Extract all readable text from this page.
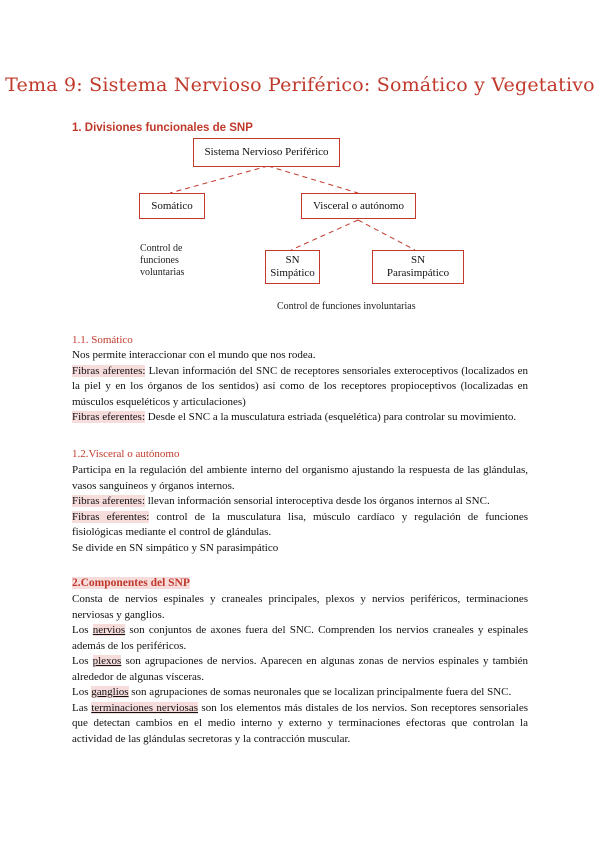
Tema 9: Sistema Nervioso Periférico: Somático y Vegetativo
1. Divisiones funcionales de SNP
Sistema Nervioso Periférico
Somático	Visceral o autónomo
Control de funciones voluntarias
SN
Simpático
SN
Parasimpático
Control de funciones involuntarias
1.1. Somático
Nos permite interaccionar con el mundo que nos rodea.
Fibras aferentes: Llevan información del SNC de receptores sensoriales exteroceptivos (localizados en la piel y en los órganos de los sentidos) así como de los receptores propioceptivos (localizadas en músculos esqueléticos y articulaciones)
Fibras eferentes: Desde el SNC a la musculatura estriada (esquelética) para controlar su movimiento.
1.2.Visceral o autónomo
Participa en la regulación del ambiente interno del organismo ajustando la respuesta de las glándulas, vasos sanguíneos y órganos internos.
Fibras aferentes: llevan información sensorial interoceptiva desde los órganos internos al SNC.
Fibras eferentes: control de la musculatura lisa, músculo cardíaco y regulación de funciones fisiológicas mediante el control de glándulas.
Se divide en SN simpático y SN parasimpático
2.Componentes del SNP
Consta de nervios espinales y craneales principales, plexos y nervios periféricos, terminaciones nerviosas y ganglios.
Los nervios son conjuntos de axones fuera del SNC. Comprenden los nervios craneales y espinales además de los periféricos.
Los plexos son agrupaciones de nervios. Aparecen en algunas zonas de nervios espinales y también alrededor de algunas vísceras.
Los ganglios son agrupaciones de somas neuronales que se localizan principalmente fuera del SNC.
Las terminaciones nerviosas son los elementos más distales de los nervios. Son receptores sensoriales que detectan cambios en el medio interno y externo y terminaciones efectoras que controlan la actividad de las glándulas secretoras y la contracción muscular.
